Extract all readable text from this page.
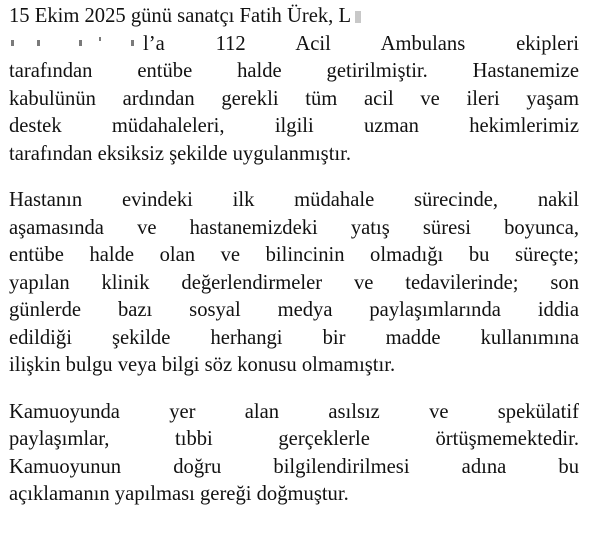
15 Ekim 2025 günü sanatçı Fatih Ürek, L
l’a 112 Acil Ambulans ekipleri
tarafından entübe halde getirilmiştir. Hastanemize
kabulünün ardından gerekli tüm acil ve ileri yaşam
destek müdahaleleri, ilgili uzman hekimlerimiz
tarafından eksiksiz şekilde uygulanmıştır.
Hastanın evindeki ilk müdahale sürecinde, nakil
aşamasında ve hastanemizdeki yatış süresi boyunca,
entübe halde olan ve bilincinin olmadığı bu süreçte;
yapılan klinik değerlendirmeler ve tedavilerinde; son
günlerde bazı sosyal medya paylaşımlarında iddia
edildiği şekilde herhangi bir madde kullanımına
ilişkin bulgu veya bilgi söz konusu olmamıştır.
Kamuoyunda yer alan asılsız ve spekülatif
paylaşımlar, tıbbi gerçeklerle örtüşmemektedir.
Kamuoyunun doğru bilgilendirilmesi adına bu
açıklamanın yapılması gereği doğmuştur.
